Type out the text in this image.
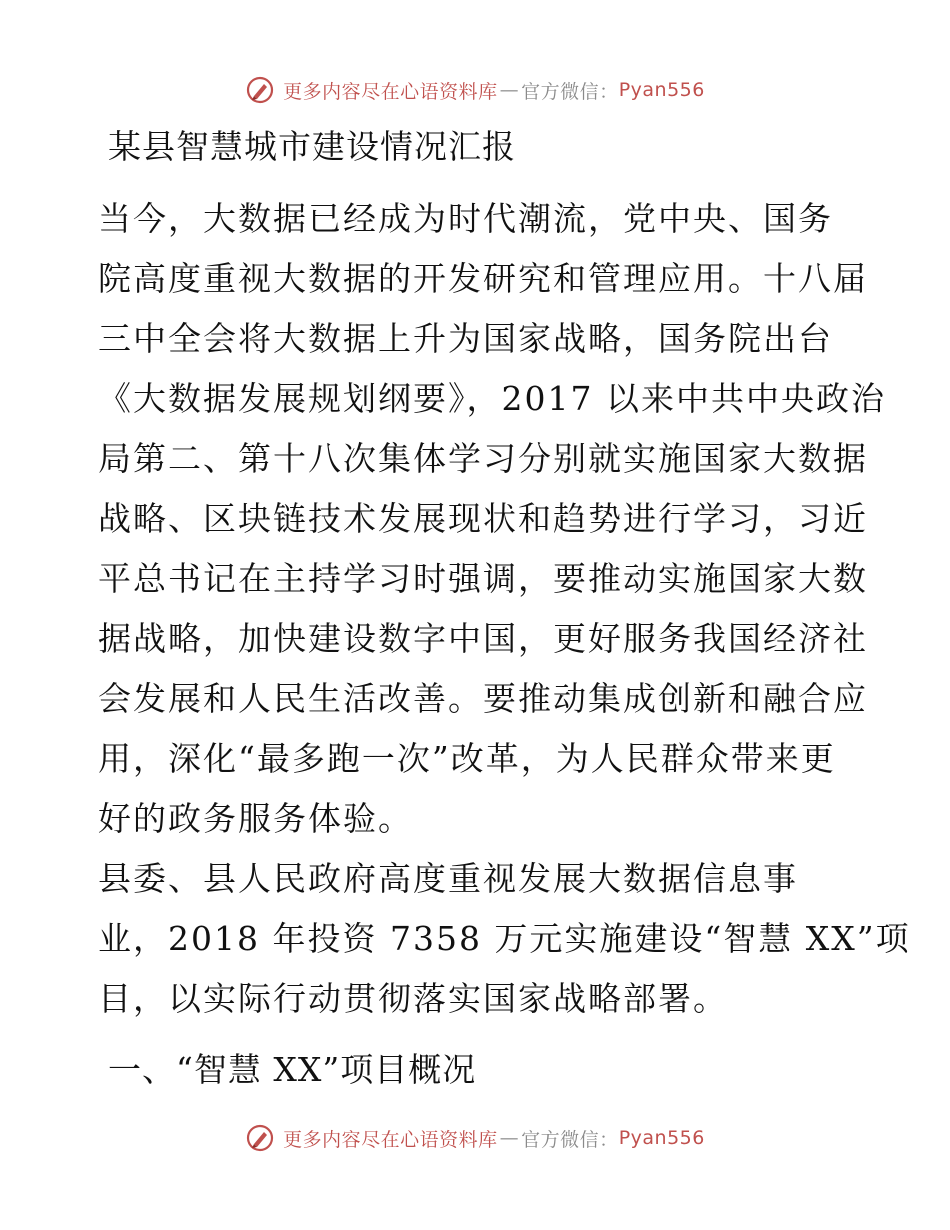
更多内容尽在心语资料库 — 官方微信： Pyan556
某县智慧城市建设情况汇报

当今，大数据已经成为时代潮流，党中央、国务
院高度重视大数据的开发研究和管理应用。十八届
三中全会将大数据上升为国家战略，国务院出台
《大数据发展规划纲要》，2017 以来中共中央政治
局第二、第十八次集体学习分别就实施国家大数据
战略、区块链技术发展现状和趋势进行学习，习近
平总书记在主持学习时强调，要推动实施国家大数
据战略，加快建设数字中国，更好服务我国经济社
会发展和人民生活改善。要推动集成创新和融合应
用，深化“最多跑一次”改革，为人民群众带来更
好的政务服务体验。

县委、县人民政府高度重视发展大数据信息事
业，2018 年投资 7358 万元实施建设“智慧 XX”项
目，以实际行动贯彻落实国家战略部署。

一、“智慧 XX”项目概况
更多内容尽在心语资料库 — 官方微信： Pyan556
